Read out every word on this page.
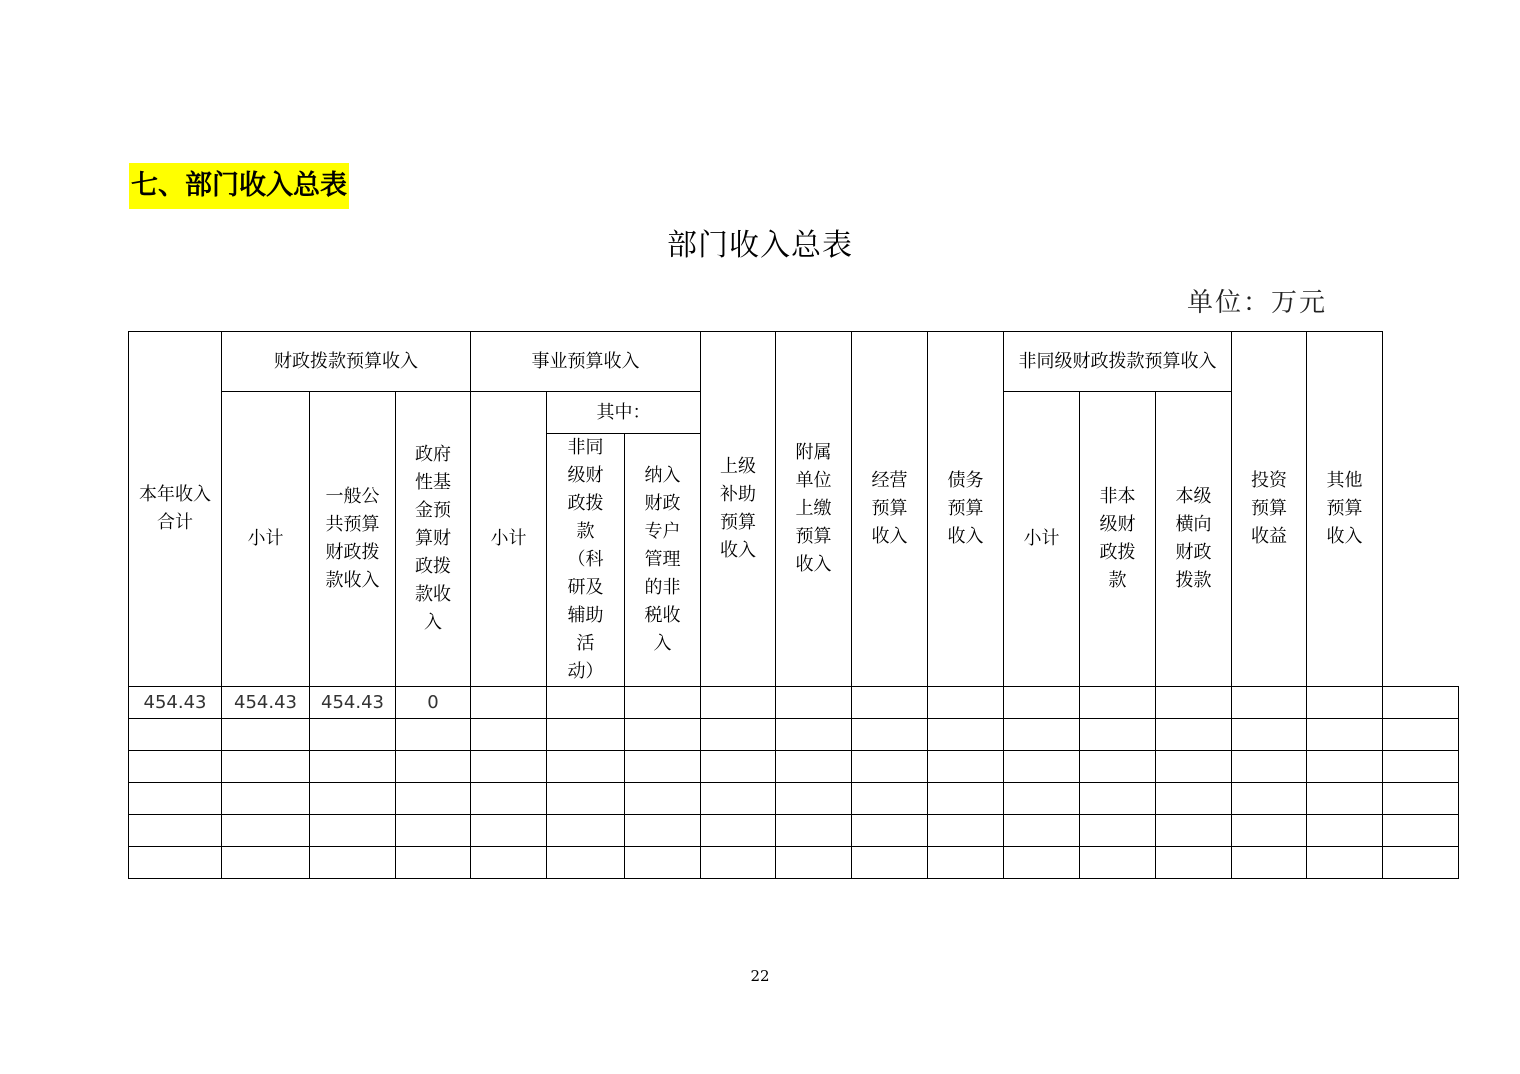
七、部门收入总表
部门收入总表
单位：万元
本年收入合计	财政拨款预算收入			事业预算收入			上级补助预算收入	附属单位上缴预算收入	经营预算收入	债务预算收入	非同级财政拨款预算收入			投资预算收益	其他预算收入	
	小计	一般公共预算财政拨款收入	政府性基金预算财政拨款收入	小计	其中：						小计	非本级财政拨款	本级横向财政拨款			
					非同级财政拨款（科研及辅助活动）	纳入财政专户管理的非税收入										
454.43	454.43	454.43	0													

22
